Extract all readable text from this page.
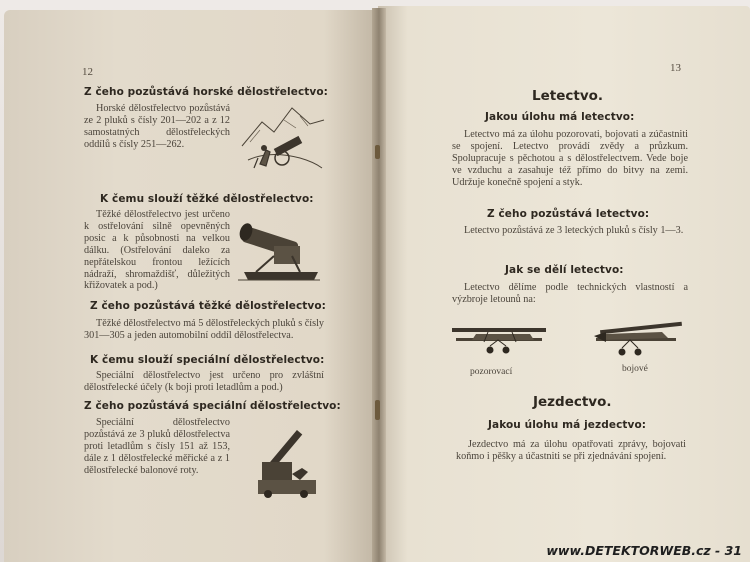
12
Z čeho pozůstává horské dělostřelectvo:

Horské dělostřelectvo pozůstává ze 2 pluků s čísly 201—202 a z 12 samostatných dělostřeleckých oddílů s čísly 251—262.

K čemu slouží těžké dělostřelectvo:

Těžké dělostřelectvo jest určeno k ostřelování silně opevněných posic a k působnosti na velkou dálku. (Ostřelování daleko za nepřátelskou frontou ležících nádraží, shromaždišť, důležitých křižovatek a pod.)

Z čeho pozůstává těžké dělostřelectvo:

Těžké dělostřelectvo má 5 dělostřeleckých pluků s čísly 301—305 a jeden automobilní oddíl dělostřelectva.

K čemu slouží speciální dělostřelectvo:

Speciální dělostřelectvo jest určeno pro zvláštní dělostřelecké účely (k boji proti letadlům a pod.)

Z čeho pozůstává speciální dělostřelectvo:

Speciální dělostřelectvo pozůstává ze 3 pluků dělostřelectva proti letadlům s čísly 151 až 153, dále z 1 dělostřelecké měřické a z 1 dělostřelecké balonové roty.

13
Letectvo.
Jakou úlohu má letectvo:

Letectvo má za úlohu pozorovati, bojovati a zúčastniti se spojení. Letectvo provádí zvědy a průzkum. Spolupracuje s pěchotou a s dělostřelectvem. Vede boje ve vzduchu a zasahuje též přímo do bitvy na zemi. Udržuje konečně spojení a styk.

Z čeho pozůstává letectvo:

Letectvo pozůstává ze 3 leteckých pluků s čísly 1—3.

Jak se dělí letectvo:

Letectvo dělíme podle technických vlastností a výzbroje letounů na:

pozorovací	bojové
Jezdectvo.
Jakou úlohu má jezdectvo:

Jezdectvo má za úlohu opatřovati zprávy, bojovati koňmo i pěšky a účastniti se při zjednávání spojení.

www.DETEKTORWEB.cz - 31
